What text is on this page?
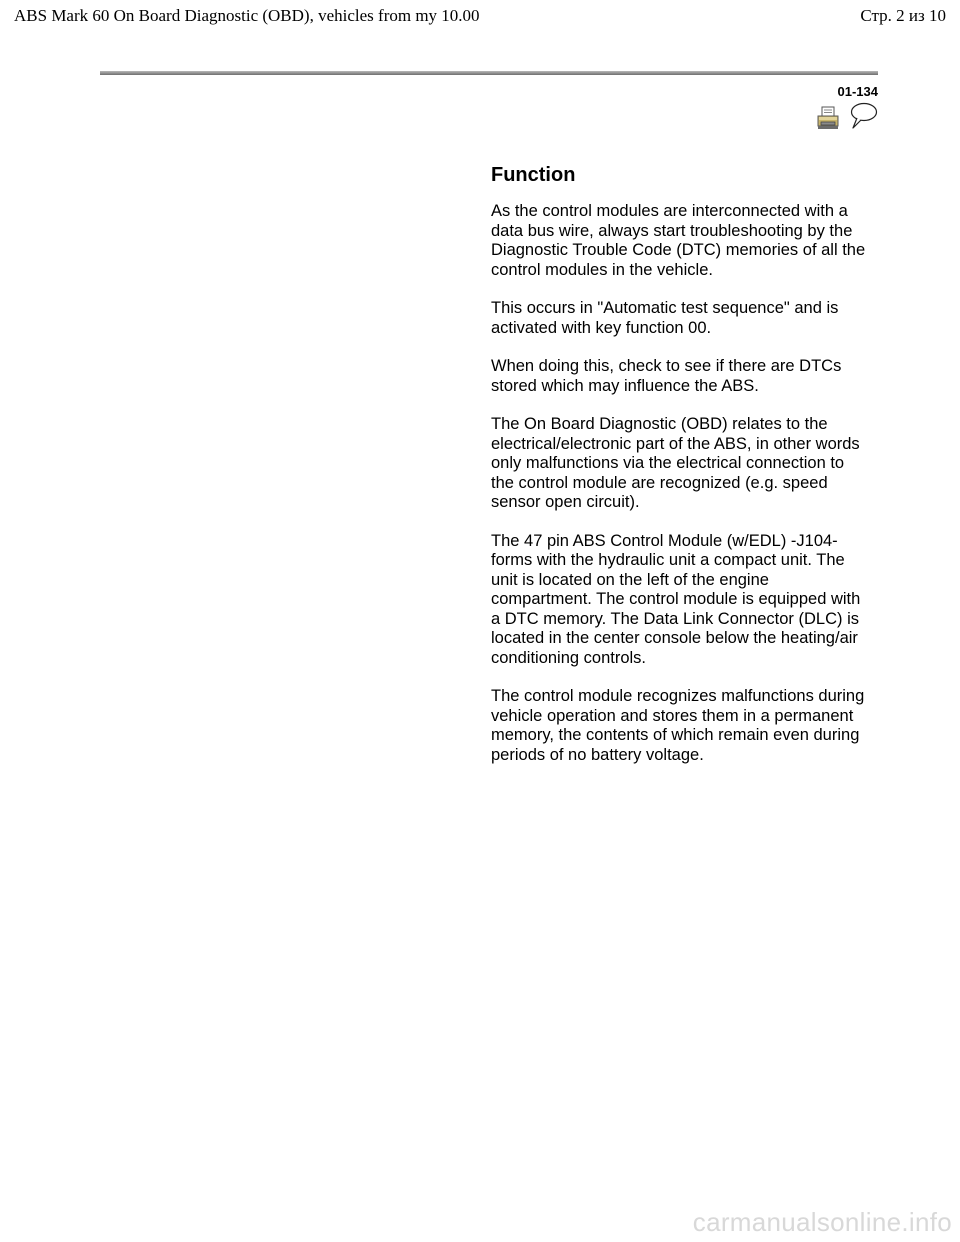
ABS Mark 60 On Board Diagnostic (OBD), vehicles from my 10.00	Стр. 2 из 10
01-134
Function

As the control modules are interconnected with a data bus wire, always start troubleshooting by the Diagnostic Trouble Code (DTC) memories of all the control modules in the vehicle.

This occurs in "Automatic test sequence" and is activated with key function 00.

When doing this, check to see if there are DTCs stored which may influence the ABS.

The On Board Diagnostic (OBD) relates to the electrical/electronic part of the ABS, in other words only malfunctions via the electrical connection to the control module are recognized (e.g. speed sensor open circuit).

The 47 pin ABS Control Module (w/EDL) -J104- forms with the hydraulic unit a compact unit. The unit is located on the left of the engine compartment. The control module is equipped with a DTC memory. The Data Link Connector (DLC) is located in the center console below the heating/air conditioning controls.

The control module recognizes malfunctions during vehicle operation and stores them in a permanent memory, the contents of which remain even during periods of no battery voltage.

carmanualsonline.info
